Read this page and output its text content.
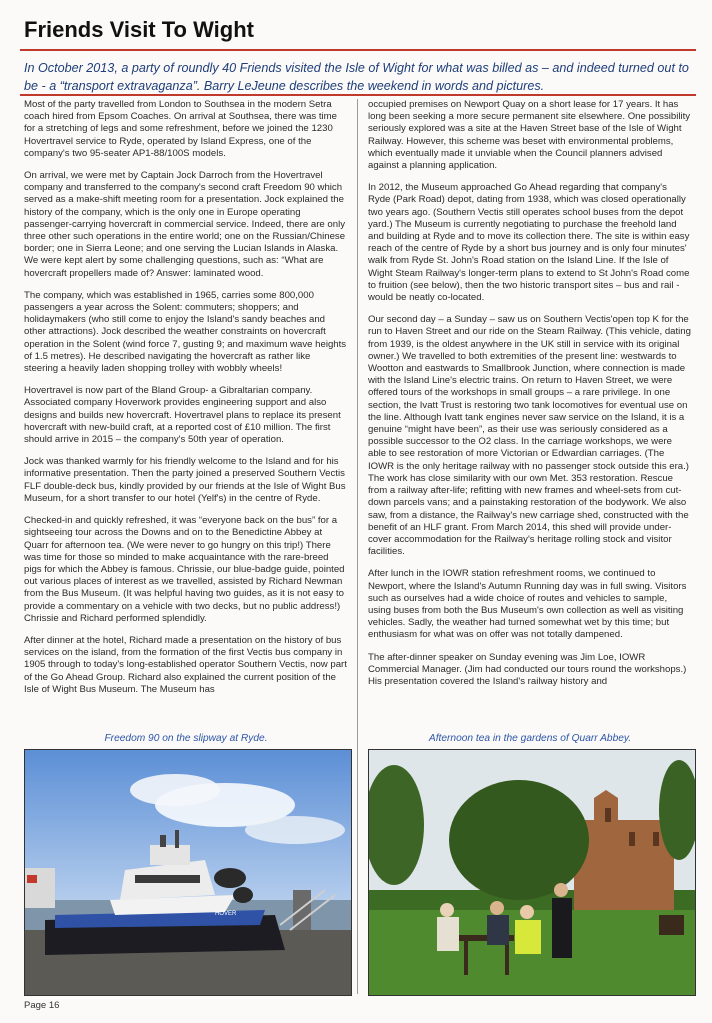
Friends Visit To Wight

In October 2013, a party of roundly 40 Friends visited the Isle of Wight for what was billed as – and indeed turned out to be - a “transport extravaganza”. Barry LeJeune describes the weekend in words and pictures.

Most of the party travelled from London to Southsea in the modern Setra coach hired from Epsom Coaches. On arrival at Southsea, there was time for a stretching of legs and some refreshment, before we joined the 1230 Hovertravel service to Ryde, operated by Island Express, one of the company's two 95-seater AP1-88/100S models.

On arrival, we were met by Captain Jock Darroch from the Hovertravel company and transferred to the company's second craft Freedom 90 which served as a make-shift meeting room for a presentation. Jock explained the history of the company, which is the only one in Europe operating passenger-carrying hovercraft in commercial service. Indeed, there are only three other such operations in the entire world; one on the Russian/Chinese border; one in Sierra Leone; and one serving the Lucian Islands in Alaska. We were kept alert by some challenging questions, such as: “What are hovercraft propellers made of? Answer: laminated wood.

The company, which was established in 1965, carries some 800,000 passengers a year across the Solent: commuters; shoppers; and holidaymakers (who still come to enjoy the Island's sandy beaches and other attractions). Jock described the weather constraints on hovercraft operation in the Solent (wind force 7, gusting 9; and maximum wave heights of 1.5 metres). He described navigating the hovercraft as rather like steering a heavily laden shopping trolley with wobbly wheels!

Hovertravel is now part of the Bland Group- a Gibraltarian company. Associated company Hoverwork provides engineering support and also designs and builds new hovercraft. Hovertravel plans to replace its present hovercraft with new-build craft, at a reported cost of £10 million. The first should arrive in 2015 – the company's 50th year of operation.

Jock was thanked warmly for his friendly welcome to the Island and for his informative presentation. Then the party joined a preserved Southern Vectis FLF double-deck bus, kindly provided by our friends at the Isle of Wight Bus Museum, for a short transfer to our hotel (Yelf's) in the centre of Ryde.

Checked-in and quickly refreshed, it was “everyone back on the bus” for a sightseeing tour across the Downs and on to the Benedictine Abbey at Quarr for afternoon tea. (We were never to go hungry on this trip!) There was time for those so minded to make acquaintance with the rare-breed pigs for which the Abbey is famous. Chrissie, our blue-badge guide, pointed out various places of interest as we travelled, assisted by Richard Newman from the Bus Museum. (It was helpful having two guides, as it is not easy to provide a commentary on a vehicle with two decks, but no public address!) Chrissie and Richard performed splendidly.

After dinner at the hotel, Richard made a presentation on the history of bus services on the island, from the formation of the first Vectis bus company in 1905 through to today's long-established operator Southern Vectis, now part of the Go Ahead Group. Richard also explained the current position of the Isle of Wight Bus Museum. The Museum has

occupied premises on Newport Quay on a short lease for 17 years. It has long been seeking a more secure permanent site elsewhere. One possibility seriously explored was a site at the Haven Street base of the Isle of Wight Railway. However, this scheme was beset with environmental problems, which eventually made it unviable when the Council planners advised against a planning application.

In 2012, the Museum approached Go Ahead regarding that company's Ryde (Park Road) depot, dating from 1938, which was closed operationally two years ago. (Southern Vectis still operates school buses from the depot yard.) The Museum is currently negotiating to purchase the freehold land and building at Ryde and to move its collection there. The site is within easy reach of the centre of Ryde by a short bus journey and is only four minutes' walk from Ryde St. John's Road station on the Island Line. If the Isle of Wight Steam Railway's longer-term plans to extend to St John's Road come to fruition (see below), then the two historic transport sites – bus and rail - would be neatly co-located.

Our second day – a Sunday – saw us on Southern Vectis'open top K for the run to Haven Street and our ride on the Steam Railway. (This vehicle, dating from 1939, is the oldest anywhere in the UK still in service with its original owner.) We travelled to both extremities of the present line: westwards to Wootton and eastwards to Smallbrook Junction, where connection is made with the Island Line's electric trains. On return to Haven Street, we were offered tours of the workshops in small groups – a rare privilege. In one section, the Ivatt Trust is restoring two tank locomotives for eventual use on the line. Although Ivatt tank engines never saw service on the Island, it is a genuine “might have been”, as their use was seriously considered as a possible successor to the O2 class. In the carriage workshops, we were able to see restoration of more Victorian or Edwardian carriages. (The IOWR is the only heritage railway with no passenger stock outside this era.) The work has close similarity with our own Met. 353 restoration. Rescue from a railway after-life; refitting with new frames and wheel-sets from cut-down parcels vans; and a painstaking restoration of the bodywork. We also saw, from a distance, the Railway's new carriage shed, constructed with the benefit of an HLF grant. From March 2014, this shed will provide under-cover accommodation for the Railway's heritage rolling stock and visitor facilities.

After lunch in the IOWR station refreshment rooms, we continued to Newport, where the Island's Autumn Running day was in full swing. Visitors such as ourselves had a wide choice of routes and vehicles to sample, using buses from both the Bus Museum's own collection as well as visiting vehicles. Sadly, the weather had turned somewhat wet by this time; but enthusiasm for what was on offer was not totally dampened.

The after-dinner speaker on Sunday evening was Jim Loe, IOWR Commercial Manager. (Jim had conducted our tours round the workshops.) His presentation covered the Island's railway history and

Freedom 90 on the slipway at Ryde.	Afternoon tea in the gardens of Quarr Abbey.
HOVER
Page 16
